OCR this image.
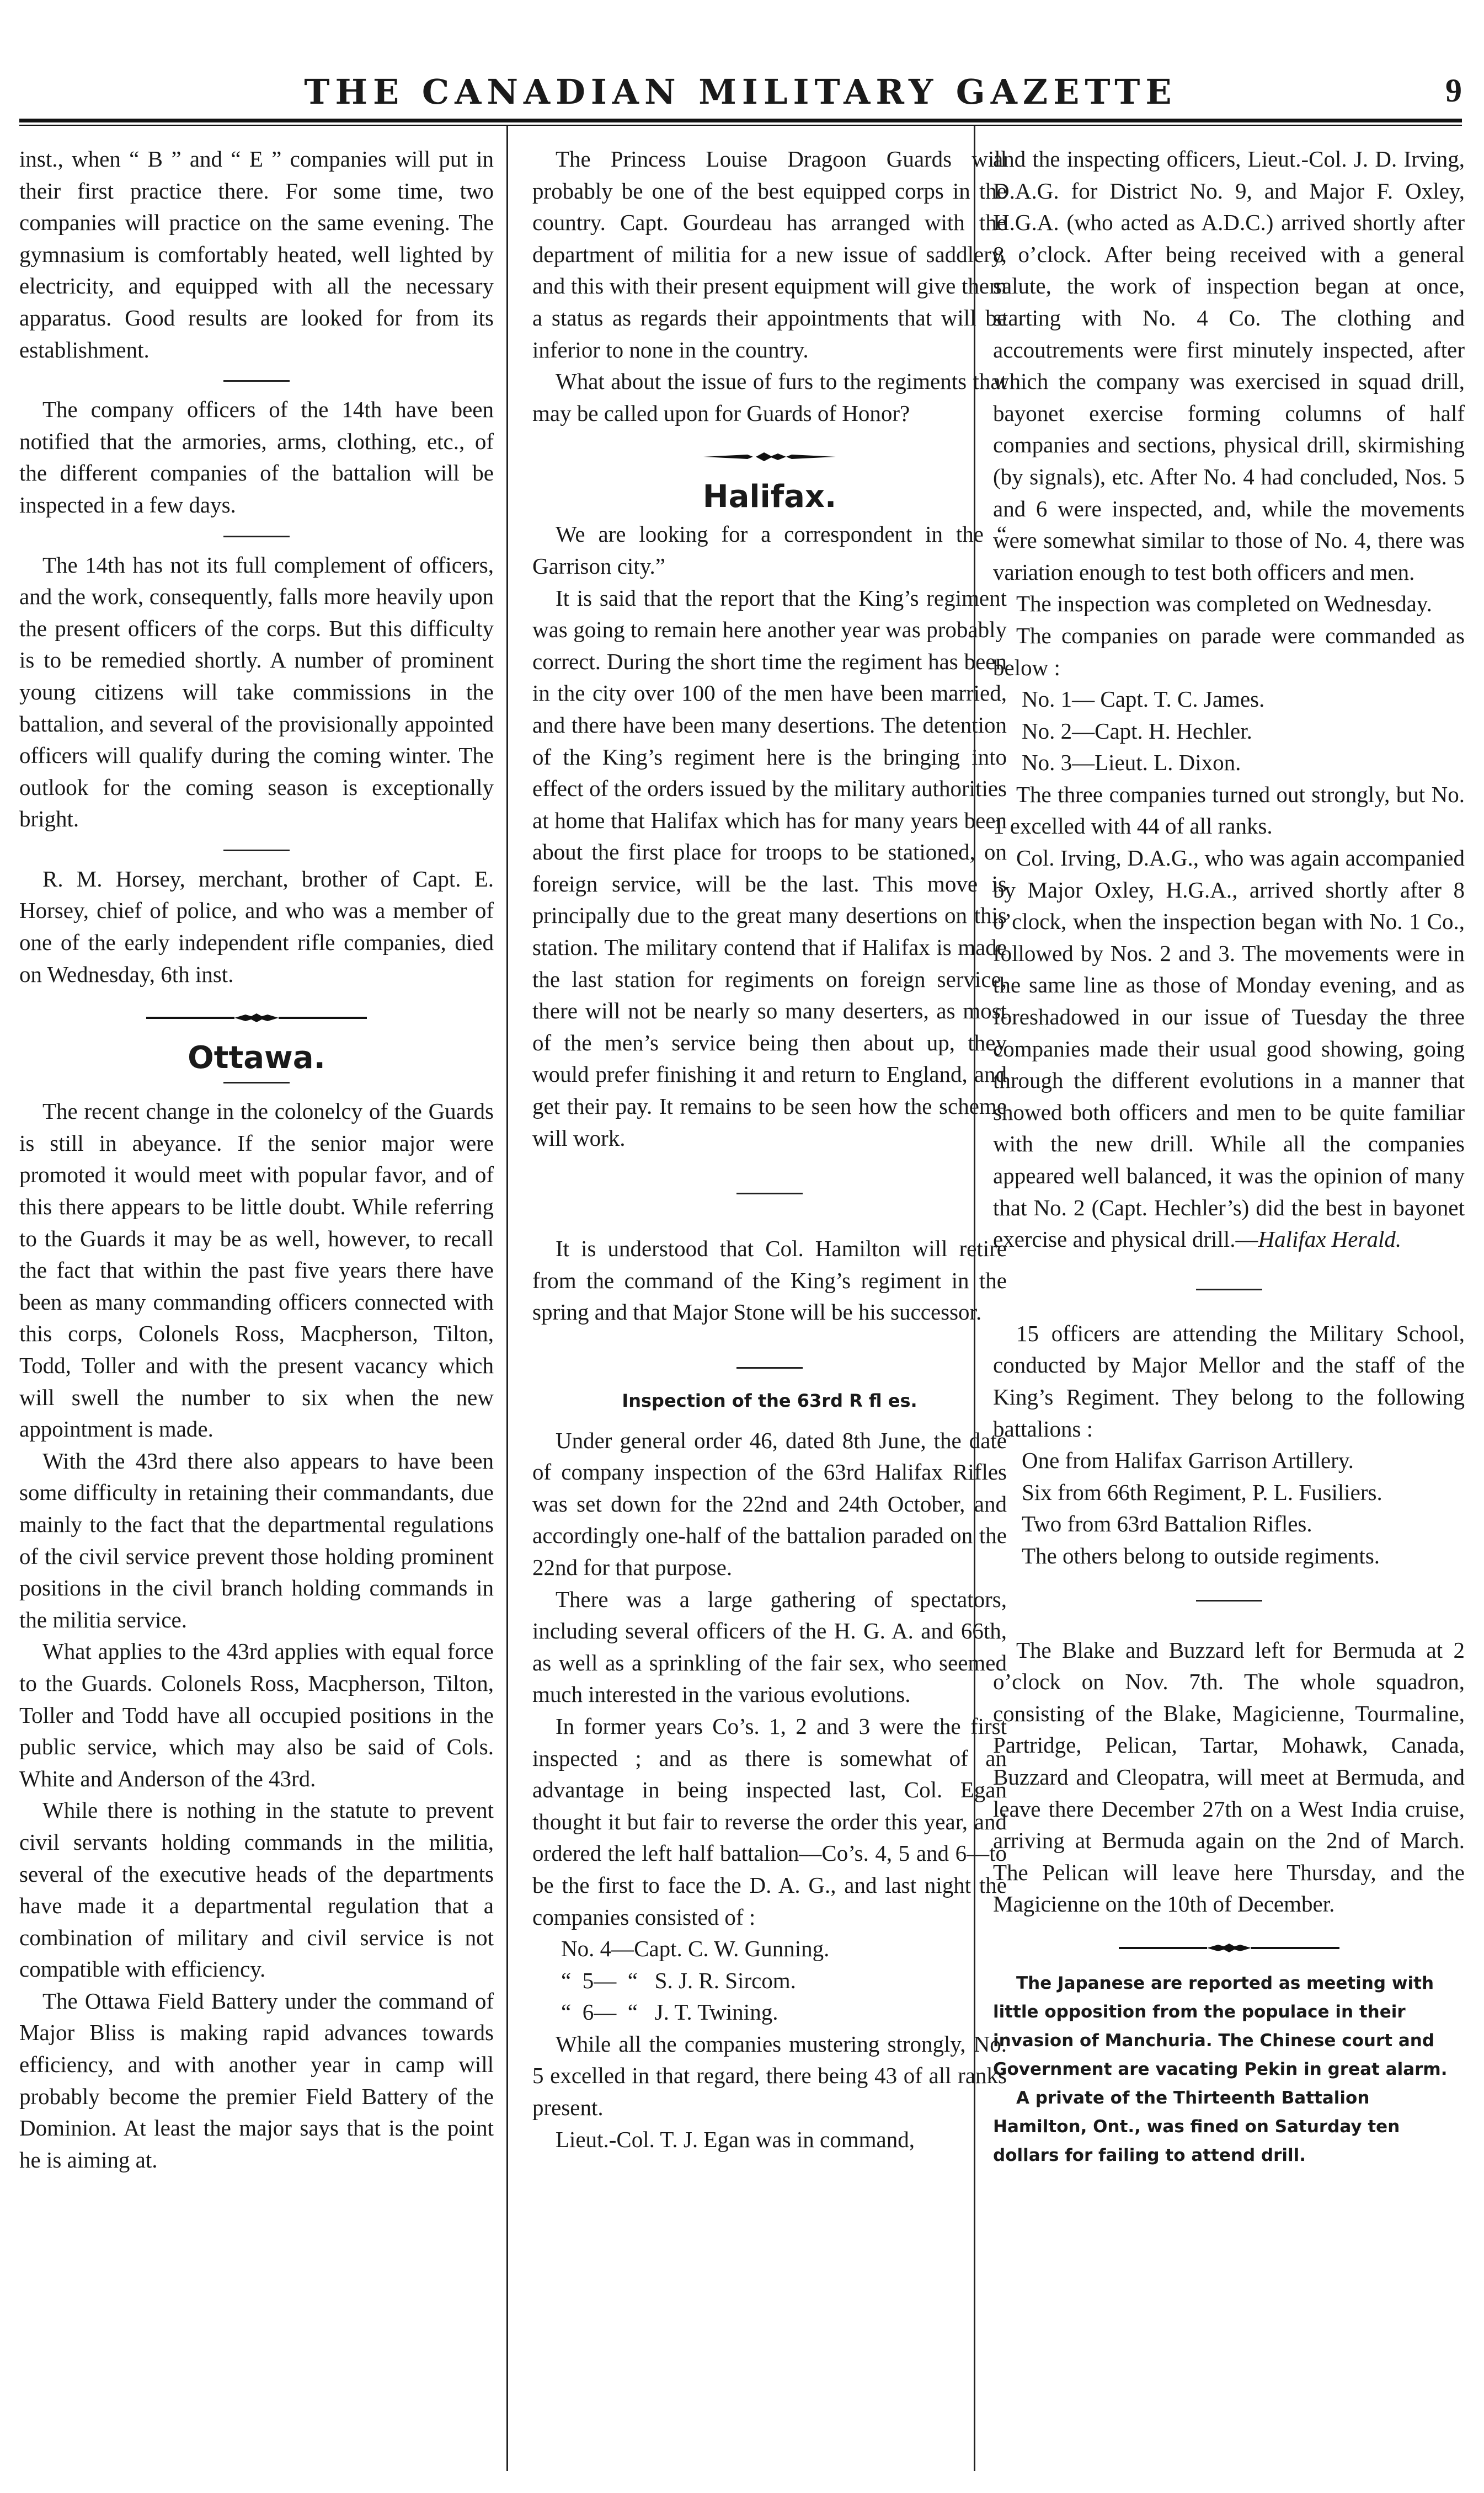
THE CANADIAN MILITARY GAZETTE	9

inst., when “ B ” and “ E ” companies will put in their first practice there. For some time, two companies will practice on the same evening. The gymnasium is comfortably heated, well lighted by electricity, and equipped with all the necessary apparatus. Good results are looked for from its establishment.

The company officers of the 14th have been notified that the armories, arms, clothing, etc., of the different companies of the battalion will be inspected in a few days.

The 14th has not its full complement of officers, and the work, consequently, falls more heavily upon the present officers of the corps. But this difficulty is to be remedied shortly. A number of prominent young citizens will take commissions in the battalion, and several of the provisionally appointed officers will qualify during the coming winter. The outlook for the coming season is exceptionally bright.

R. M. Horsey, merchant, brother of Capt. E. Horsey, chief of police, and who was a member of one of the early independent rifle companies, died on Wednesday, 6th inst.

Ottawa.

The recent change in the colonelcy of the Guards is still in abeyance. If the senior major were promoted it would meet with popular favor, and of this there appears to be little doubt. While referring to the Guards it may be as well, however, to recall the fact that within the past five years there have been as many commanding officers connected with this corps, Colonels Ross, Macpherson, Tilton, Todd, Toller and with the present vacancy which will swell the number to six when the new appointment is made.

With the 43rd there also appears to have been some difficulty in retaining their commandants, due mainly to the fact that the departmental regulations of the civil service prevent those holding prominent positions in the civil branch holding commands in the militia service.

What applies to the 43rd applies with equal force to the Guards. Colonels Ross, Macpherson, Tilton, Toller and Todd have all occupied positions in the public service, which may also be said of Cols. White and Anderson of the 43rd.

While there is nothing in the statute to prevent civil servants holding commands in the militia, several of the executive heads of the departments have made it a departmental regulation that a combination of military and civil service is not compatible with efficiency.

The Ottawa Field Battery under the command of Major Bliss is making rapid advances towards efficiency, and with another year in camp will probably become the premier Field Battery of the Dominion. At least the major says that is the point he is aiming at.

The Princess Louise Dragoon Guards will probably be one of the best equipped corps in the country. Capt. Gourdeau has arranged with the department of militia for a new issue of saddlery, and this with their present equipment will give them a status as regards their appointments that will be inferior to none in the country.

What about the issue of furs to the regiments that may be called upon for Guards of Honor?

Halifax.

We are looking for a correspondent in the “ Garrison city.”

It is said that the report that the King’s regiment was going to remain here another year was probably correct. During the short time the regiment has been in the city over 100 of the men have been married, and there have been many desertions. The detention of the King’s regiment here is the bringing into effect of the orders issued by the military authorities at home that Halifax which has for many years been about the first place for troops to be stationed, on foreign service, will be the last. This move is principally due to the great many desertions on this station. The military contend that if Halifax is made the last station for regiments on foreign service, there will not be nearly so many deserters, as most of the men’s service being then about up, they would prefer finishing it and return to England, and get their pay. It remains to be seen how the scheme will work.

It is understood that Col. Hamilton will retire from the command of the King’s regiment in the spring and that Major Stone will be his successor.

Inspection of the 63rd R fl es.

Under general order 46, dated 8th June, the date of company inspection of the 63rd Halifax Rifles was set down for the 22nd and 24th October, and accordingly one-half of the battalion paraded on the 22nd for that purpose.

There was a large gathering of spectators, including several officers of the H. G. A. and 66th, as well as a sprinkling of the fair sex, who seemed much interested in the various evolutions.

In former years Co’s. 1, 2 and 3 were the first inspected ; and as there is somewhat of an advantage in being inspected last, Col. Egan thought it but fair to reverse the order this year, and ordered the left half battalion—Co’s. 4, 5 and 6—to be the first to face the D. A. G., and last night the companies consisted of :

No. 4—Capt. C. W. Gunning.
“  5—  “   S. J. R. Sircom.
“  6—  “   J. T. Twining.

While all the companies mustering strongly, No. 5 excelled in that regard, there being 43 of all ranks present.

Lieut.-Col. T. J. Egan was in command,

and the inspecting officers, Lieut.-Col. J. D. Irving, D.A.G. for District No. 9, and Major F. Oxley, H.G.A. (who acted as A.D.C.) arrived shortly after 8 o’clock. After being received with a general salute, the work of inspection began at once, starting with No. 4 Co. The clothing and accoutrements were first minutely inspected, after which the company was exercised in squad drill, bayonet exercise forming columns of half companies and sections, physical drill, skirmishing (by signals), etc. After No. 4 had concluded, Nos. 5 and 6 were inspected, and, while the movements were somewhat similar to those of No. 4, there was variation enough to test both officers and men.

The inspection was completed on Wednesday.

The companies on parade were commanded as below :

No. 1— Capt. T. C. James.
No. 2—Capt. H. Hechler.
No. 3—Lieut. L. Dixon.

The three companies turned out strongly, but No. 1 excelled with 44 of all ranks.

Col. Irving, D.A.G., who was again accompanied by Major Oxley, H.G.A., arrived shortly after 8 o’clock, when the inspection began with No. 1 Co., followed by Nos. 2 and 3. The movements were in the same line as those of Monday evening, and as foreshadowed in our issue of Tuesday the three companies made their usual good showing, going through the different evolutions in a manner that showed both officers and men to be quite familiar with the new drill. While all the companies appeared well balanced, it was the opinion of many that No. 2 (Capt. Hechler’s) did the best in bayonet exercise and physical drill.—Halifax Herald.

15 officers are attending the Military School, conducted by Major Mellor and the staff of the King’s Regiment. They belong to the following battalions :

One from Halifax Garrison Artillery.
Six from 66th Regiment, P. L. Fusiliers.
Two from 63rd Battalion Rifles.
The others belong to outside regiments.

The Blake and Buzzard left for Bermuda at 2 o’clock on Nov. 7th. The whole squadron, consisting of the Blake, Magicienne, Tourmaline, Partridge, Pelican, Tartar, Mohawk, Canada, Buzzard and Cleopatra, will meet at Bermuda, and leave there December 27th on a West India cruise, arriving at Bermuda again on the 2nd of March. The Pelican will leave here Thursday, and the Magicienne on the 10th of December.

The Japanese are reported as meeting with little opposition from the populace in their invasion of Manchuria. The Chinese court and Government are vacating Pekin in great alarm.

A private of the Thirteenth Battalion Hamilton, Ont., was fined on Saturday ten dollars for failing to attend drill.
